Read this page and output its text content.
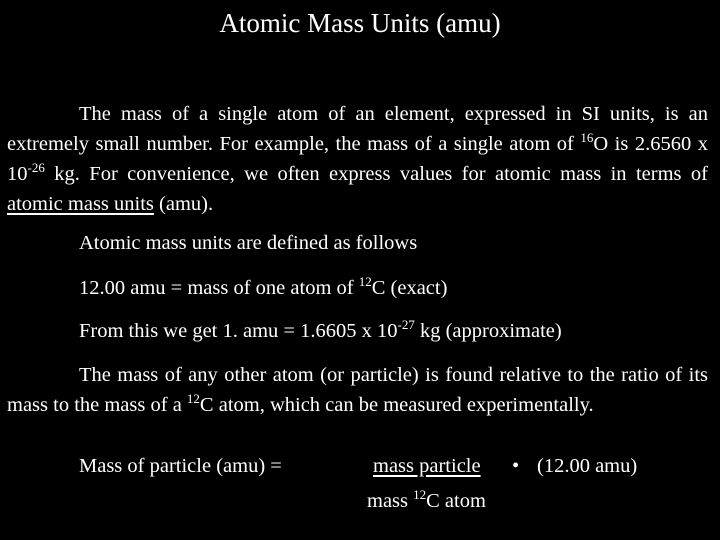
Atomic Mass Units (amu)
The mass of a single atom of an element, expressed in SI units, is an extremely small number. For example, the mass of a single atom of $^{16}$O is 2.6560 x $10^{-26}$ kg. For convenience, we often express values for atomic mass in terms of atomic mass units (amu).
Atomic mass units are defined as follows
12.00 amu = mass of one atom of $^{12}$C (exact)
From this we get 1. amu = 1.6605 x $10^{-27}$ kg (approximate)
The mass of any other atom (or particle) is found relative to the ratio of its mass to the mass of a $^{12}$C atom, which can be measured experimentally.
Mass of particle (amu) =	mass particle • (12.00 amu)
mass $^{12}$C atom
